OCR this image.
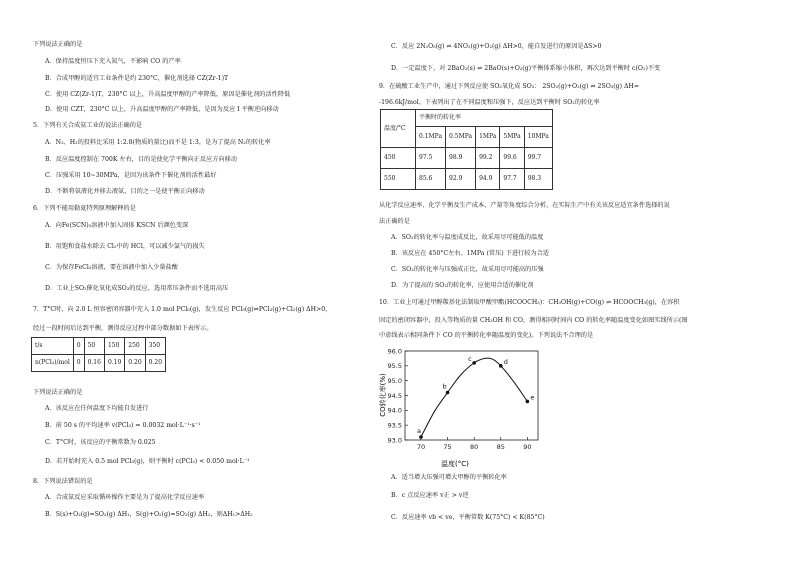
下列说法正确的是
A．保持温度恒压下充入氮气，不影响 CO 的产率
B．合成甲醇的适宜工业条件是约 230°C，催化剂选择 CZ(Zr-1)T
C．使用 CZ(Zr-1)T，230°C 以上，升高温度甲醇的产率降低，原因是催化剂的活性降低
D．使用 CZT，230°C 以上，升高温度甲醇的产率降低，是因为反应 I 平衡逆向移动
5．下列有关合成氨工业的说法正确的是
A．N₂、H₂的投料比采用 1:2.8(物质的量比)而不是 1:3，是为了提高 N₂的转化率
B．反应温度控制在 700K 左右，目的是使化学平衡向正反应方向移动
C．压强采用 10~30MPa，是因为该条件下催化剂的活性最好
D．不断将氨液化并移去液氨，目的之一是使平衡正向移动
6．下列不能用勒夏特列原理解释的是
A．向Fe(SCN)₃溶液中加入固体 KSCN 后颜色变深
B．用饱和食盐水除去 Cl₂中的 HCl，可以减少氯气的损失
C．为保存FeCl₃溶液，要在溶液中加入少量盐酸
D．工业上SO₂催化氧化成SO₃的反应，选用常压条件而不选用高压
7．T°C时，向 2.0 L 恒容密闭容器中充入 1.0 mol PCl₅(g)，发生反应 PCl₅(g)⇌PCl₃(g)+Cl₂(g) ΔH>0，
经过一段时间后达到平衡，测得反应过程中部分数据如下表所示。
t/s	0	50	150	250	350
n(PCl₃)/mol	0	0.16	0.19	0.20	0.20
下列说法正确的是
A．该反应在任何温度下均能自发进行
B．前 50 s 的平均速率 v(PCl₃) = 0.0032 mol·L⁻¹·s⁻¹
C．T°C时，该反应的平衡常数为 0.025
D．若开始时充入 0.5 mol PCl₅(g)，则平衡时 c(PCl₃) < 0.050 mol·L⁻¹
8．下列说法错误的是
A．合成氨反应采取循环操作主要是为了提高化学反应速率
B．S(s)+O₂(g)=SO₂(g) ΔH₁，S(g)+O₂(g)=SO₂(g) ΔH₂，则ΔH₁>ΔH₂
C．反应 2N₂O₅(g) ⇌ 4NO₂(g)+O₂(g) ΔH>0，能自发进行的原因是ΔS>0
D．一定温度下，对 2BaO₂(s) ⇌ 2BaO(s)+O₂(g)平衡体系缩小体积，再次达到平衡时 c(O₂)不变
9．在硫酸工业生产中，通过下列反应使 SO₂氧化成 SO₃： 2SO₂(g)+O₂(g) ⇌ 2SO₃(g) ΔH=
-196.6kJ/mol。下表列出了在不同温度和压强下，反应达到平衡时 SO₂的转化率
温度/°C	平衡时的转化率				
	0.1MPa	0.5MPa	1MPa	5MPa	10MPa
450	97.5	98.9	99.2	99.6	99.7
550	85.6	92.9	94.9	97.7	98.3
从化学反应速率、化学平衡及生产成本、产量等角度综合分析，在实际生产中有关该反应适宜条件选择的说
法正确的是
A．SO₂的转化率与温度成反比，故采用尽可能低的温度
B．该反应在 450°C左右、1MPa (常压) 下进行较为合适
C．SO₂的转化率与压强成正比，故采用尽可能高的压强
D．为了提高的 SO₂的转化率，应使用合适的催化剂
10．工业上可通过甲醇羰基化法制取甲酸甲酯(HCOOCH₃)：CH₃OH(g)+CO(g) ⇌ HCOOCH₃(g)，在容积
固定的密闭容器中，投入等物质的量 CH₃OH 和 CO，测得相同时间内 CO 的转化率随温度变化如图实线所示(图
中虚线表示相同条件下 CO 的平衡转化率随温度的变化)。下列说法不合理的是
A．适当增大压强可增大甲醇的平衡转化率
B．c 点反应速率 v正 > v逆
C．反应速率 vb < ve，平衡常数 K(75°C) < K(85°C)
93.0
93.5
94.0
94.5
95.0
95.5
96.0
70	75	80	85	90
a
b
c	d
e
CO转化率(%)
温度(°C)
